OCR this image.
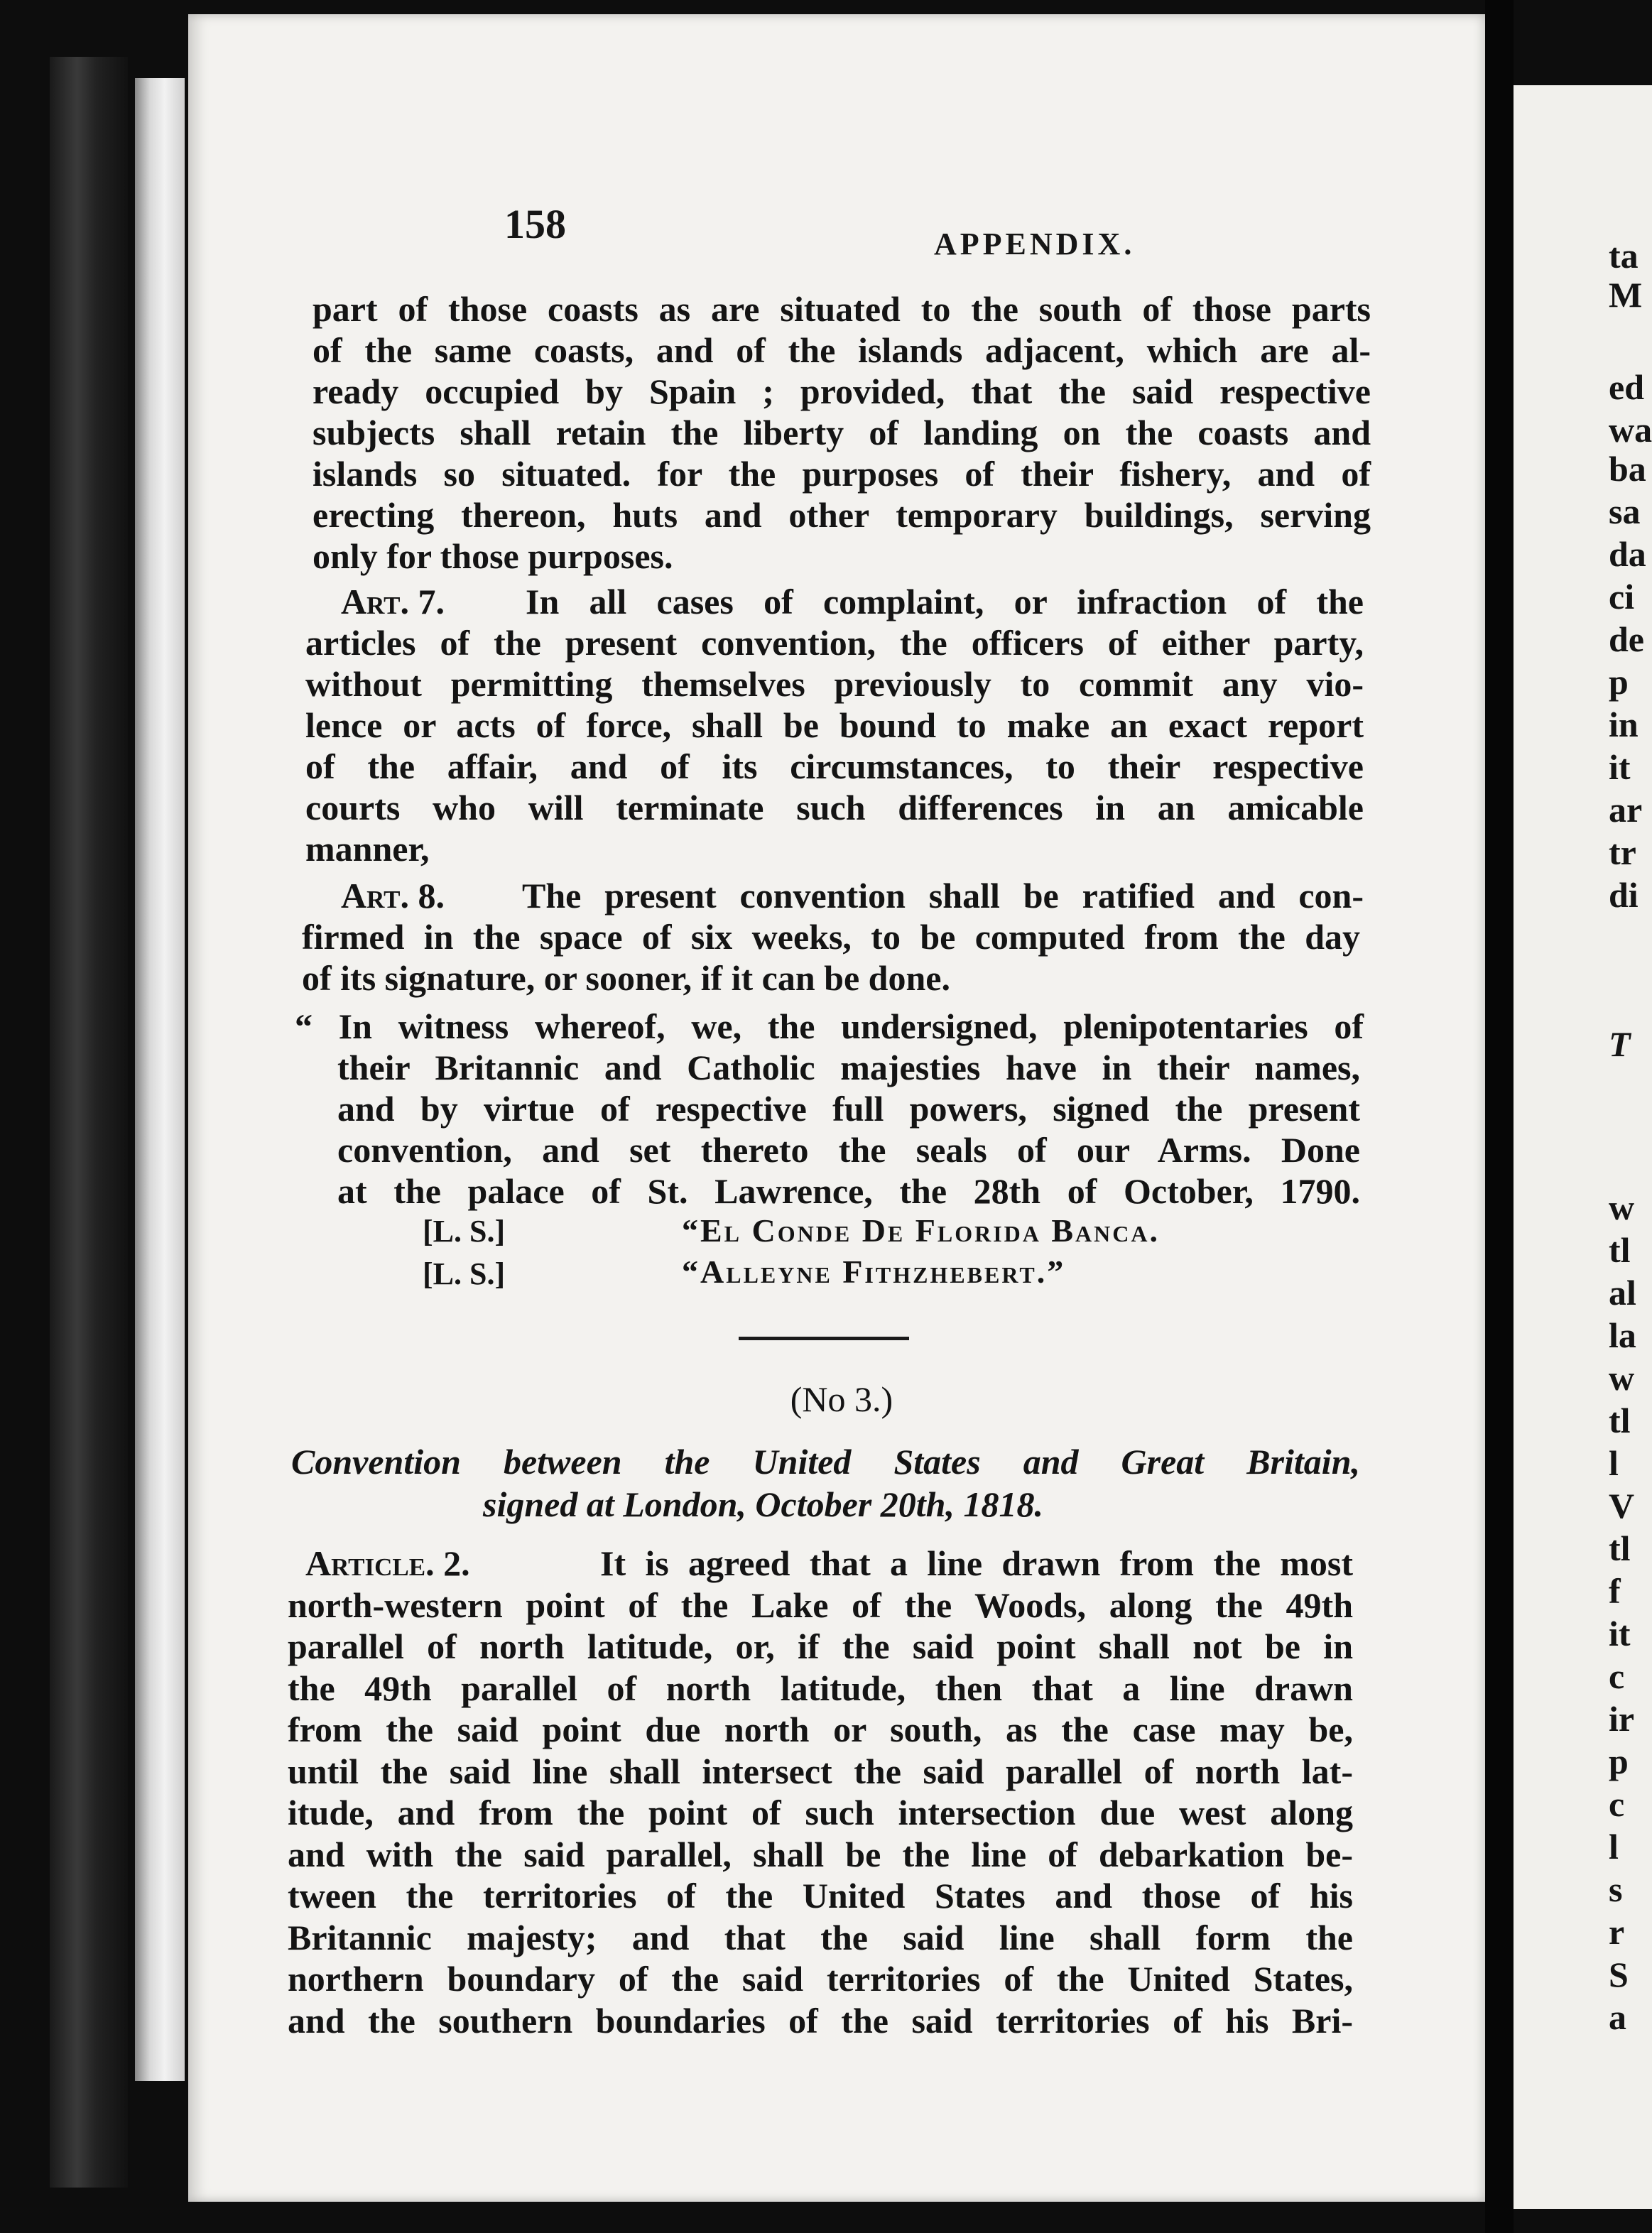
158	APPENDIX.
part of those coasts as are situated to the south of those parts
of the same coasts, and of the islands adjacent, which are al-
ready occupied by Spain ; provided, that the said respective
subjects shall retain the liberty of landing on the coasts and
islands so situated. for the purposes of their fishery, and of
erecting thereon, huts and other temporary buildings, serving
only for those purposes.
Art. 7. In all cases of complaint, or infraction of the
articles of the present convention, the officers of either party,
without permitting themselves previously to commit any vio-
lence or acts of force, shall be bound to make an exact report
of the affair, and of its circumstances, to their respective
courts who will terminate such differences in an amicable
manner,
Art. 8. The present convention shall be ratified and con-
firmed in the space of six weeks, to be computed from the day
of its signature, or sooner, if it can be done.
“ In witness whereof, we, the undersigned, plenipotentaries of
their Britannic and Catholic majesties have in their names,
and by virtue of respective full powers, signed the present
convention, and set thereto the seals of our Arms. Done
at the palace of St. Lawrence, the 28th of October, 1790.
[L. S.]	“El Conde De Florida Banca.
[L. S.]	“Alleyne Fithzhebert.”
(No 3.)
Convention between the United States and Great Britain,
signed at London, October 20th, 1818.
Article. 2.	It is agreed that a line drawn from the most
north-western point of the Lake of the Woods, along the 49th
parallel of north latitude, or, if the said point shall not be in
the 49th parallel of north latitude, then that a line drawn
from the said point due north or south, as the case may be,
until the said line shall intersect the said parallel of north lat-
itude, and from the point of such intersection due west along
and with the said parallel, shall be the line of debarkation be-
tween the territories of the United States and those of his
Britannic majesty; and that the said line shall form the
northern boundary of the said territories of the United States,
and the southern boundaries of the said territories of his Bri-
ta
M
ed
wa
ba
sa
da
ci
de
p
in
it
ar
tr
di
T
w
tl
al
la
w
tl
l
V
tl
f
it
c
ir
p
c
l
s
r
S
a
